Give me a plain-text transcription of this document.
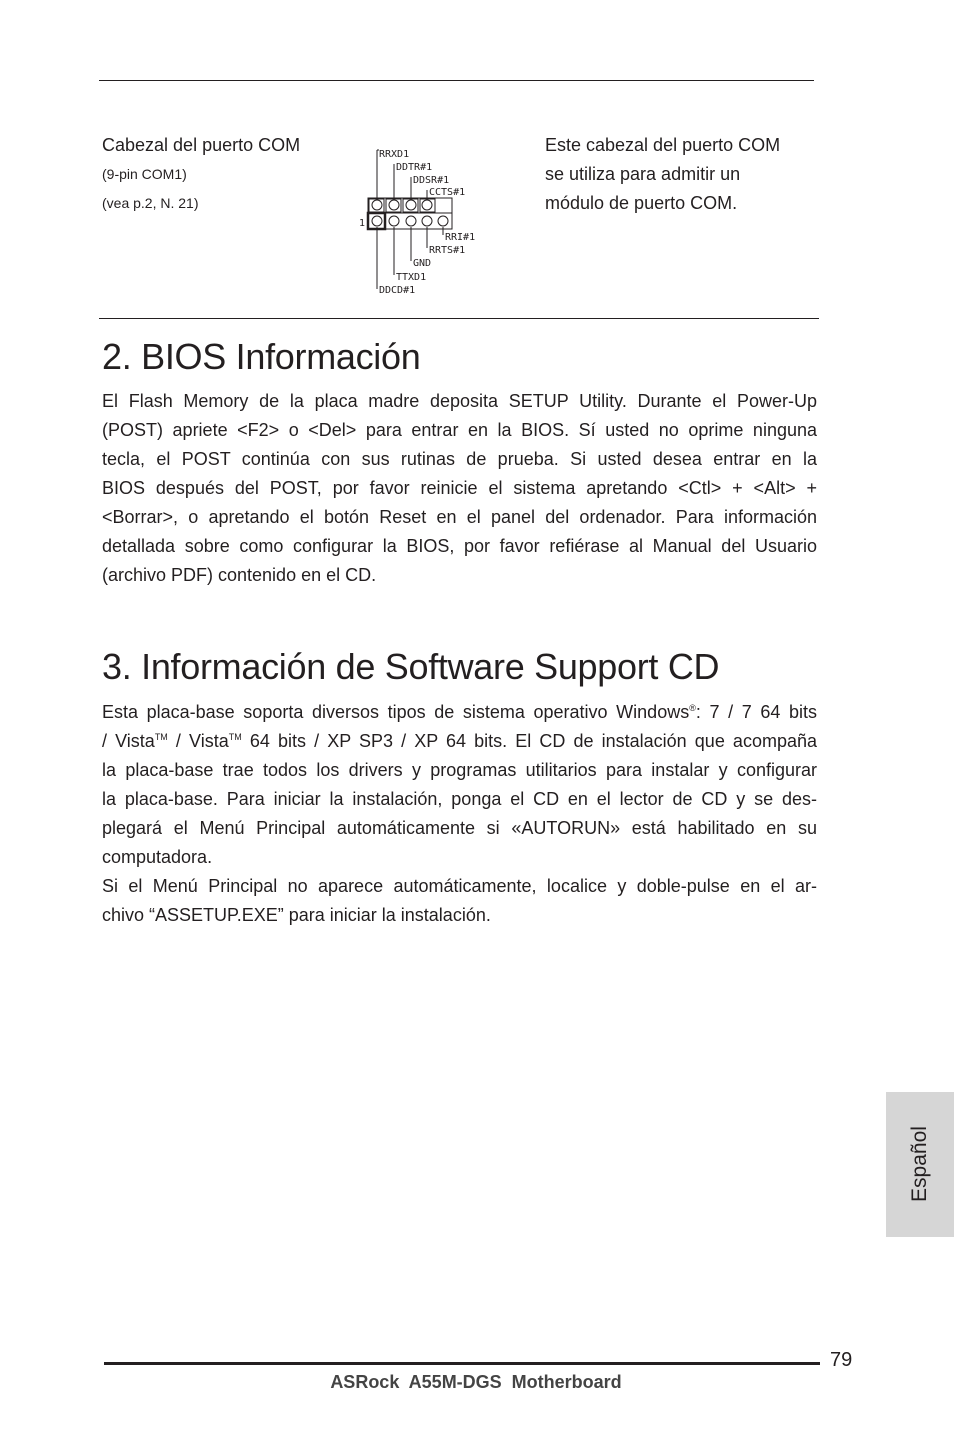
Cabezal del puerto COM
(9-pin COM1)
(vea p.2, N. 21)
RRXD1
DDTR#1
DDSR#1
CCTS#1
RRI#1
RRTS#1
GND
TTXD1
DDCD#1
1
Este cabezal del puerto COM
se utiliza para admitir un
módulo de puerto COM.
2. BIOS Información
El Flash Memory de la placa madre deposita SETUP Utility. Durante el Power-Up
(POST) apriete <F2> o <Del> para entrar en la BIOS. Sí usted no oprime ninguna
tecla, el POST continúa con sus rutinas de prueba. Si usted desea entrar en la
BIOS después del POST, por favor reinicie el sistema apretando <Ctl> + <Alt> +
<Borrar>, o apretando el botón Reset en el panel del ordenador. Para información
detallada sobre como configurar la BIOS, por favor refiérase al Manual del Usuario
(archivo PDF) contenido en el CD.
3. Información de Software Support CD
Esta placa-base soporta diversos tipos de sistema operativo Windows®: 7 / 7 64 bits
/ Vista™ / Vista™ 64 bits / XP SP3 / XP 64 bits. El CD de instalación que acompaña
la placa-base trae todos los drivers y programas utilitarios para instalar y configurar
la placa-base. Para iniciar la instalación, ponga el CD en el lector de CD y se des-
plegará el Menú Principal automáticamente si «AUTORUN» está habilitado en su
computadora.
Si el Menú Principal no aparece automáticamente, localice y doble-pulse en el ar-
chivo “ASSETUP.EXE” para iniciar la instalación.
Español
79
ASRock  A55M-DGS  Motherboard
